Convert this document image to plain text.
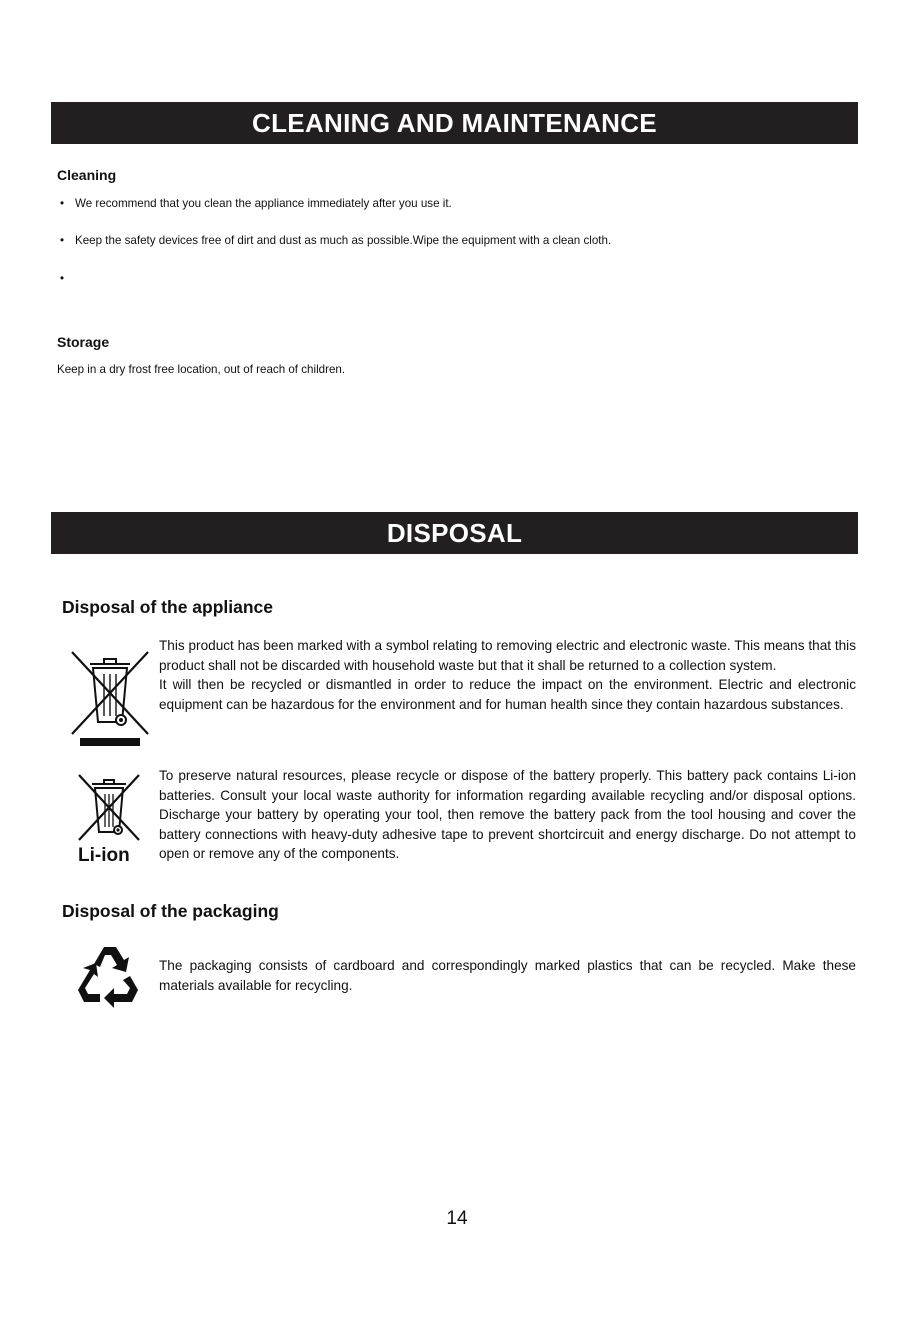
CLEANING AND MAINTENANCE
Cleaning
• We recommend that you clean the appliance immediately after you use it.
• Keep the safety devices free of dirt and dust as much as possible.Wipe the equipment with a clean cloth.
•
Storage
Keep in a dry frost free location, out of reach of children.
DISPOSAL
Disposal of the appliance

This product has been marked with a symbol relating to removing electric and electronic waste. This means that this product shall not be discarded with household waste but that it shall be returned to a collection system.

It will then be recycled or dismantled in order to reduce the impact on the environment. Electric and electronic equipment can be hazardous for the environment and for human health since they contain hazardous substances.

Li-ion

To preserve natural resources, please recycle or dispose of the battery properly. This battery pack contains Li-ion batteries. Consult your local waste authority for information regarding available recycling and/or disposal options. Discharge your battery by operating your tool, then remove the battery pack from the tool housing and cover the battery connections with heavy-duty adhesive tape to prevent shortcircuit and energy discharge. Do not attempt to open or remove any of the components.

Disposal of the packaging

The packaging consists of cardboard and correspondingly marked plastics that can be recycled. Make these materials available for recycling.

14
